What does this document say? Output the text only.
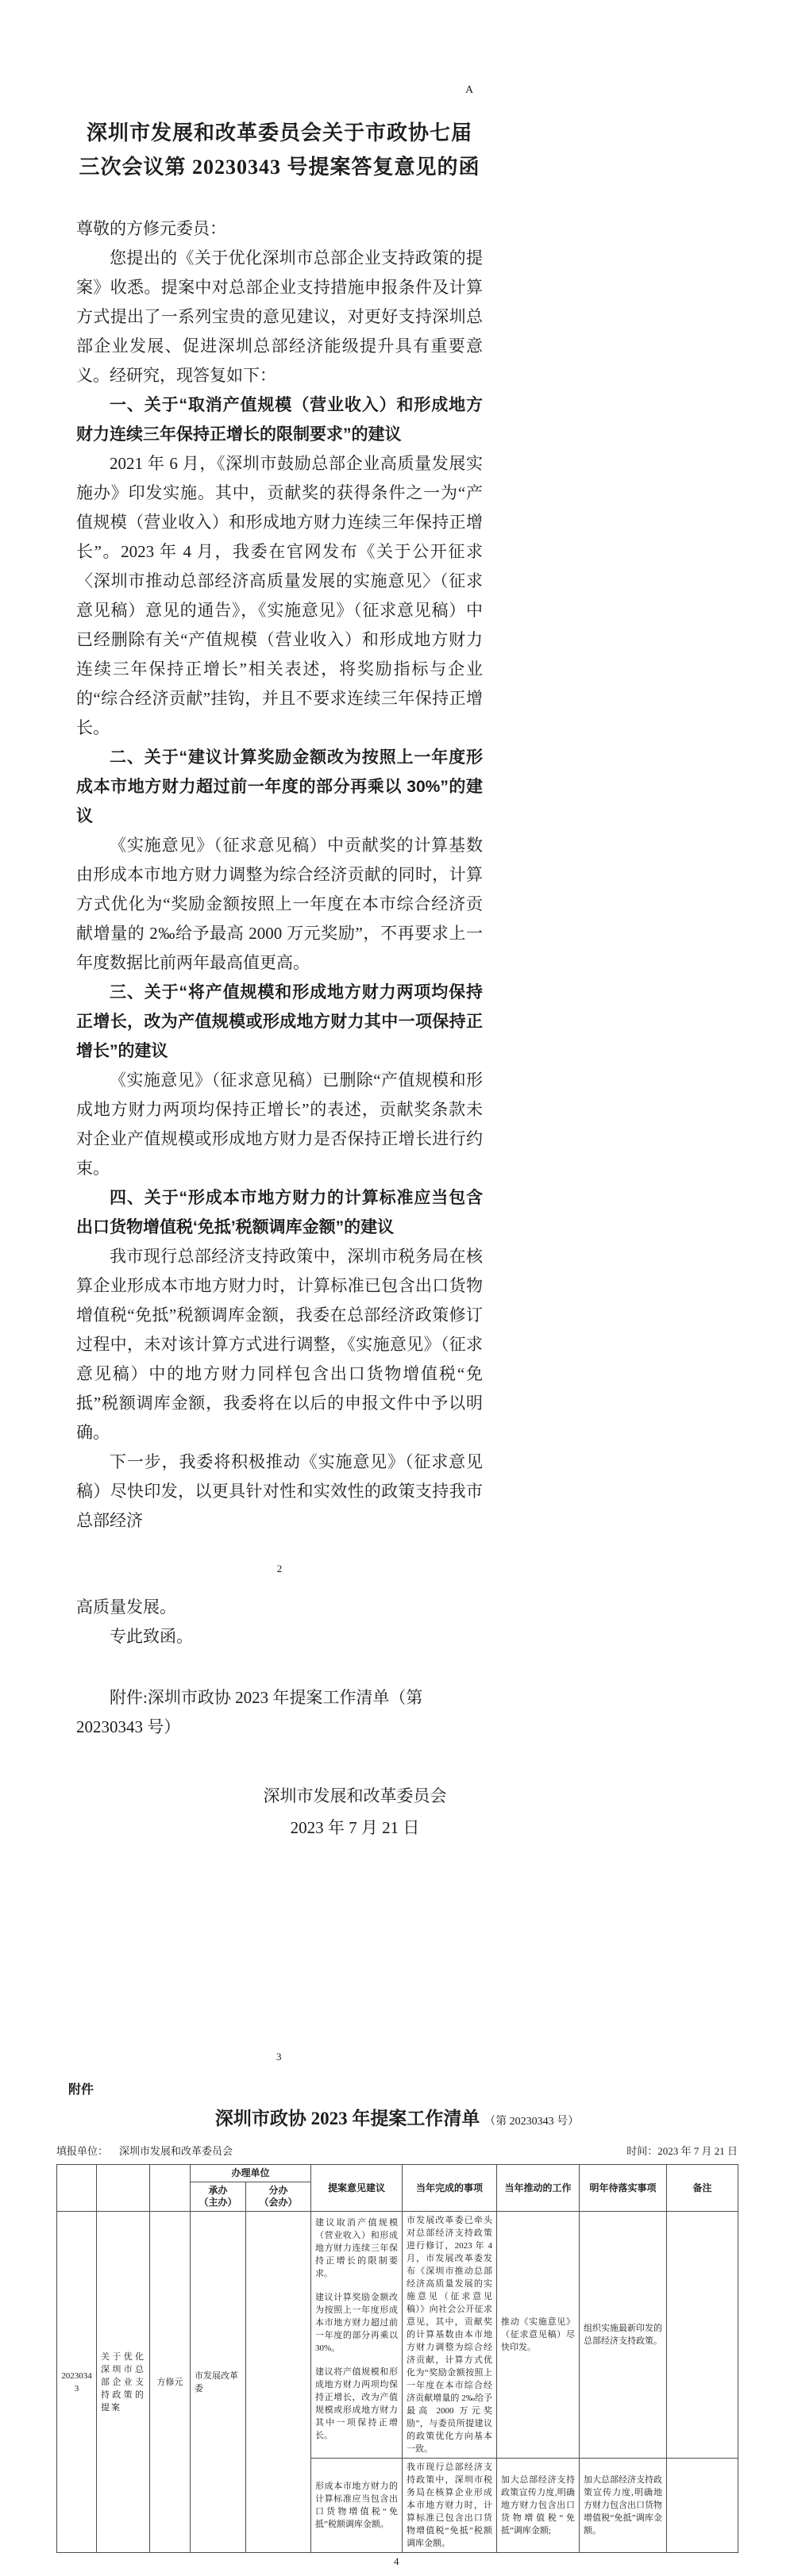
A
深圳市发展和改革委员会关于市政协七届
三次会议第 20230343 号提案答复意见的函
尊敬的方修元委员：

您提出的《关于优化深圳市总部企业支持政策的提案》收悉。提案中对总部企业支持措施申报条件及计算方式提出了一系列宝贵的意见建议，对更好支持深圳总部企业发展、促进深圳总部经济能级提升具有重要意义。经研究，现答复如下：

一、关于“取消产值规模（营业收入）和形成地方财力连续三年保持正增长的限制要求”的建议

2021 年 6 月，《深圳市鼓励总部企业高质量发展实施办》印发实施。其中，贡献奖的获得条件之一为“产值规模（营业收入）和形成地方财力连续三年保持正增长”。2023 年 4 月，我委在官网发布《关于公开征求〈深圳市推动总部经济高质量发展的实施意见〉（征求意见稿）意见的通告》，《实施意见》（征求意见稿）中已经删除有关“产值规模（营业收入）和形成地方财力连续三年保持正增长”相关表述，将奖励指标与企业的“综合经济贡献”挂钩，并且不要求连续三年保持正增长。

二、关于“建议计算奖励金额改为按照上一年度形成本市地方财力超过前一年度的部分再乘以 30%”的建议

《实施意见》（征求意见稿）中贡献奖的计算基数由形成本市地方财力调整为综合经济贡献的同时，计算方式优化为“奖励金额按照上一年度在本市综合经济贡献增量的 2‰给予最高 2000 万元奖励”，不再要求上一年度数据比前两年最高值更高。

三、关于“将产值规模和形成地方财力两项均保持正增长，改为产值规模或形成地方财力其中一项保持正增长”的建议

《实施意见》（征求意见稿）已删除“产值规模和形成地方财力两项均保持正增长”的表述，贡献奖条款未对企业产值规模或形成地方财力是否保持正增长进行约束。

四、关于“形成本市地方财力的计算标准应当包含出口货物增值税‘免抵’税额调库金额”的建议

我市现行总部经济支持政策中，深圳市税务局在核算企业形成本市地方财力时，计算标准已包含出口货物增值税“免抵”税额调库金额，我委在总部经济政策修订过程中，未对该计算方式进行调整，《实施意见》（征求意见稿）中的地方财力同样包含出口货物增值税“免抵”税额调库金额，我委将在以后的申报文件中予以明确。

下一步，我委将积极推动《实施意见》（征求意见稿）尽快印发，以更具针对性和实效性的政策支持我市总部经济

2

高质量发展。

专此致函。

附件:深圳市政协 2023 年提案工作清单（第 20230343 号）
深圳市发展和改革委员会
2023 年 7 月 21 日
3
附件
深圳市政协 2023 年提案工作清单 （第 20230343 号）
填报单位： 深圳市发展和改革委员会	时间：2023 年 7 月 21 日
			办理单位		提案意见建议	当年完成的事项	当年推动的工作	明年待落实事项	备注
			承办
（主办）	分办
（会办）					

20230343	关于优化深圳市总部企业支持政策的提案	方修元	市发展改革委		建议取消产值规模（营业收入）和形成地方财力连续三年保持正增长的限制要求。

建议计算奖励金额改为按照上一年度形成本市地方财力超过前一年度的部分再乘以 30%。

建议将产值规模和形成地方财力两项均保持正增长，改为产值规模或形成地方财力其中一项保持正增长。	市发展改革委已牵头对总部经济支持政策进行修订，2023 年 4 月，市发展改革委发布《深圳市推动总部经济高质量发展的实施意见（征求意见稿）》向社会公开征求意见，其中，贡献奖的计算基数由本市地方财力调整为综合经济贡献，计算方式优化为“奖励金额按照上一年度在本市综合经济贡献增量的 2‰给予最高 2000 万元奖励”，与委员所提建议的政策优化方向基本一致。	推动《实施意见》（征求意见稿）尽快印发。	组织实施最新印发的总部经济支持政策。	
					形成本市地方财力的计算标准应当包含出口货物增值税“免抵”税额调库金额。	我市现行总部经济支持政策中，深圳市税务局在核算企业形成本市地方财力时，计算标准已包含出口货物增值税“免抵”税额调库金额。	加大总部经济支持政策宣传力度,明确地方财力包含出口货物增值税“免抵”调库金额;	加大总部经济支持政策宣传力度,明确地方财力包含出口货物增值税“免抵”调库金额。	
4
